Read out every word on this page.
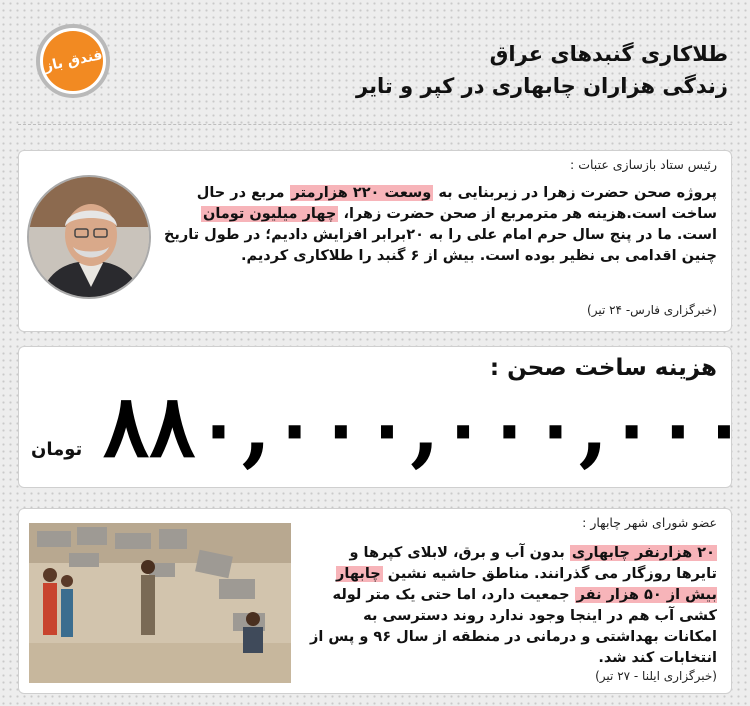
فندق باز	طلاکاری گنبدهای عراق
زندگی هزاران چابهاری در کپر و تایر
رئیس ستاد بازسازی عتبات :
پروژه صحن حضرت زهرا در زیربنایی به وسعت ۲۲۰ هزارمتر مربع در حال ساخت است.هزینه هر مترمربع از صحن حضرت زهرا، چهار میلیون تومان است. ما در پنج سال حرم امام علی را به ۲۰برابر افزایش دادیم؛ در طول تاریخ چنین اقدامی بی نظیر بوده است. بیش از ۶ گنبد را طلاکاری کردیم.
(خبرگزاری فارس- ۲۴ تیر)
هزینه ساخت صحن :
۸۸۰,۰۰۰,۰۰۰,۰۰۰
تومان
عضو شورای شهر چابهار :
۲۰ هزارنفر چابهاری بدون آب و برق، لابلای کپرها و تایرها روزگار می گذرانند. مناطق حاشیه نشین چابهار بیش از ۵۰ هزار نفر جمعیت دارد، اما حتی یک متر لوله کشی آب هم در اینجا وجود ندارد روند دسترسی به امکانات بهداشتی و درمانی در منطقه از سال ۹۶ و پس از انتخابات کند شد.
(خبرگزاری ایلنا - ۲۷ تیر)
